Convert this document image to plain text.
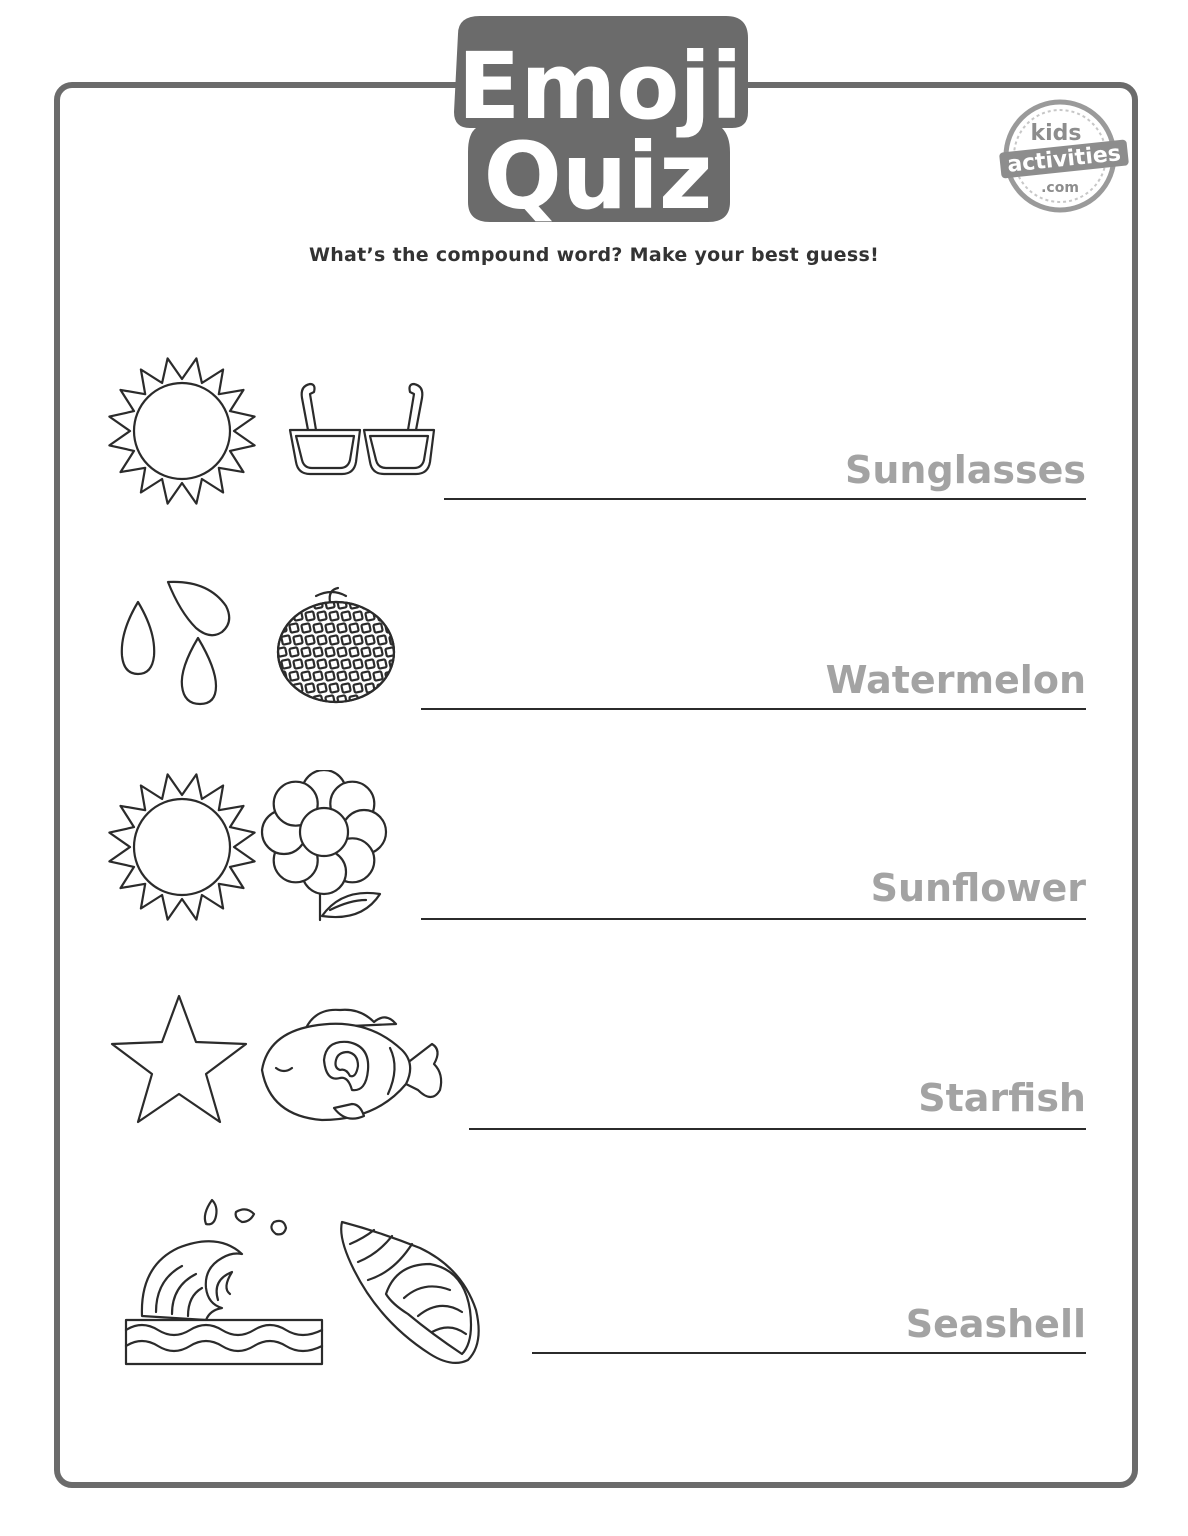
Emoji
Quiz	kids
activities
.com
What’s the compound word? Make your best guess!
Sunglasses
Watermelon
Sunflower
Starfish
Seashell
